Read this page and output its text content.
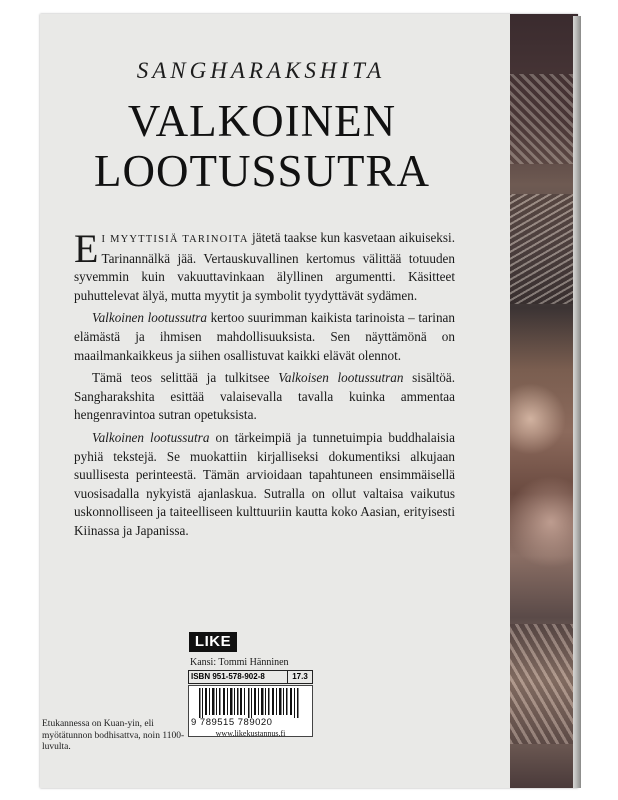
SANGHARAKSHITA
VALKOINEN
LOOTUSSUTRA

EI MYYTTISIÄ TARINOITA jätetä taakse kun kasvetaan aikuiseksi. Tarinannälkä jää. Vertauskuvallinen kertomus välittää totuuden syvemmin kuin vakuuttavinkaan älyllinen argumentti. Käsitteet puhuttelevat älyä, mutta myytit ja symbolit tyydyttävät sydämen.

Valkoinen lootussutra kertoo suurimman kaikista tarinoista – tarinan elämästä ja ihmisen mahdollisuuksista. Sen näyttämönä on maailmankaikkeus ja siihen osallistuvat kaikki elävät olennot.

Tämä teos selittää ja tulkitsee Valkoisen lootussutran sisältöä. Sangharakshita esittää valaisevalla tavalla kuinka ammentaa hengenravintoa sutran opetuksista.

Valkoinen lootussutra on tärkeimpiä ja tunnetuimpia buddhalaisia pyhiä tekstejä. Se muokattiin kirjalliseksi dokumentiksi alkujaan suullisesta perinteestä. Tämän arvioidaan tapahtuneen ensimmäisellä vuosisadalla nykyistä ajanlaskua. Sutralla on ollut valtaisa vaikutus uskonnolliseen ja taiteelliseen kulttuuriin kautta koko Aasian, erityisesti Kiinassa ja Japanissa.

LIKE
Kansi: Tommi Hänninen
ISBN 951-578-902-8	17.3
9 789515 789020
www.likekustannus.fi
Etukannessa on Kuan-yin, eli myötätunnon bodhisattva, noin 1100-luvulta.
